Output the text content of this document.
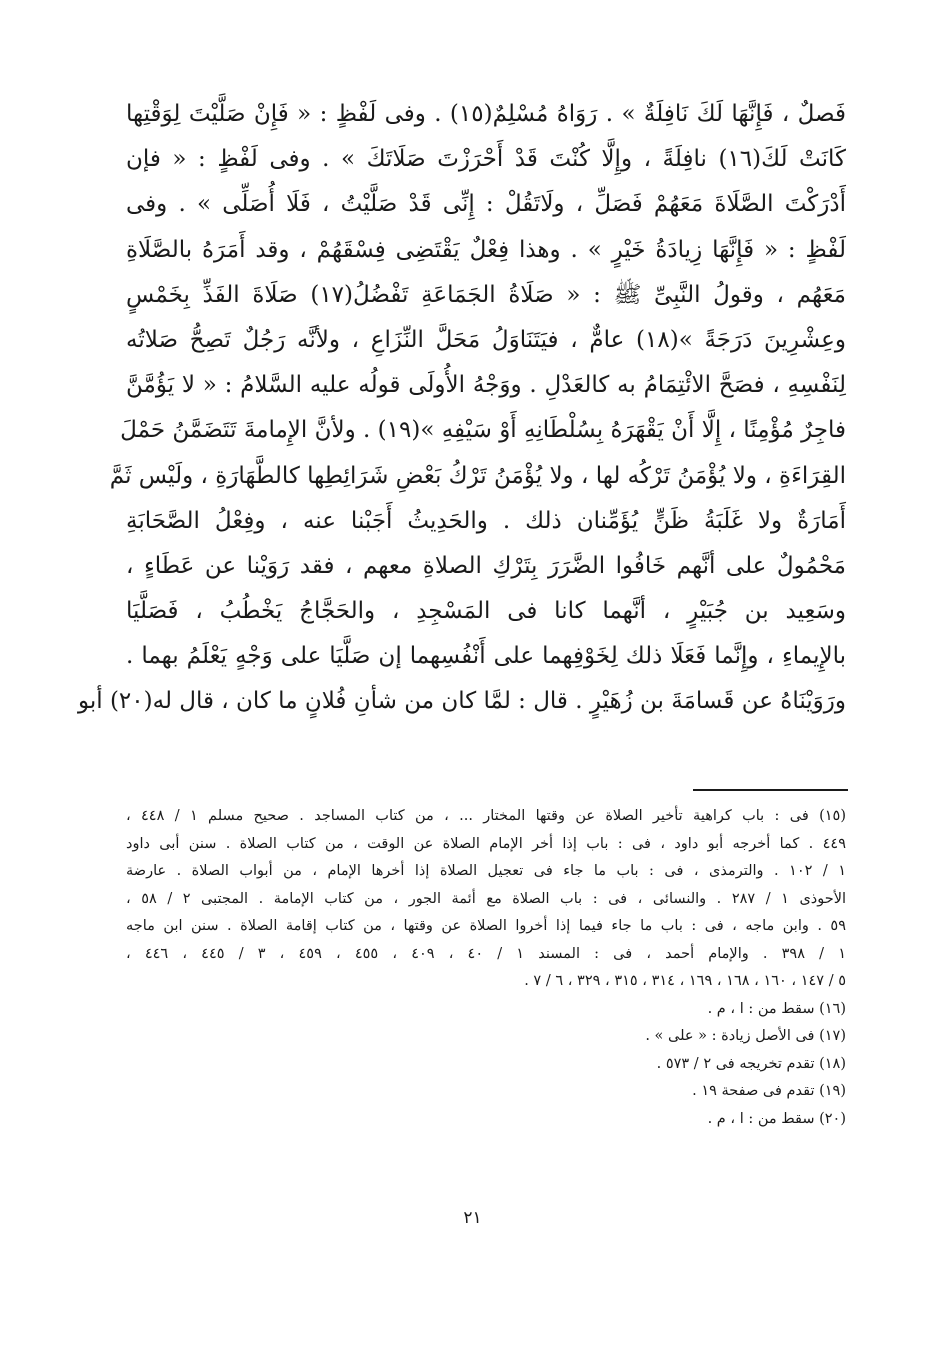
فَصلٌ ، فَإِنَّهَا لَكَ نَافِلَةٌ » . رَوَاهُ مُسْلِمٌ(١٥) . وفى لَفْظٍ : « فَإِنْ صَلَّيْتَ لِوَقْتِها

كَانَتْ لَكَ(١٦) نافِلَةً ، وإِلَّا كُنْتَ قَدْ أَحْرَزْتَ صَلَاتَكَ » . وفى لَفْظٍ : « فإن

أَدْرَكْتَ الصَّلَاةَ مَعَهُمْ فَصَلِّ ، ولَاتَقُلْ : إِنِّى قَدْ صَلَّيْتُ ، فَلَا أُصَلِّى » . وفى

لَفْظٍ : « فَإِنَّهَا زِيادَةُ خَيْرٍ » . وهذا فِعْلٌ يَقْتَضِى فِسْقَهُمْ ، وقد أَمَرَهُ بالصَّلَاةِ

مَعَهُم ، وقولُ النَّبِىِّ ﷺ : « صَلَاةُ الجَمَاعَةِ تَفْضُلُ(١٧) صَلَاةَ الفَذِّ بِخَمْسٍ

وعِشْرِينَ دَرَجَةً »(١٨) عامٌّ ، فيَتَنَاوَلُ مَحَلَّ النِّزَاعِ ، ولأنَّه رَجُلٌ تَصِحُّ صَلاتُه

لِنَفْسِهِ ، فصَحَّ الائْتِمَامُ به كالعَدْلِ . ووَجْهُ الأُولَى قولُه عليه السَّلامُ : « لا يَؤُمَّنَّ

فاجِرٌ مُؤْمِنًا ، إِلَّا أَنْ يَقْهَرَهُ بِسُلْطَانِهِ أَوْ سَيْفِهِ »(١٩) . ولأنَّ الإِمامةَ تَتَضَمَّنُ حَمْلَ

القِرَاءَةِ ، ولا يُؤْمَنُ تَرْكُه لها ، ولا يُؤْمَنُ تَرْكُ بَعْضِ شَرَائِطِها كالطَّهَارَةِ ، ولَيْس ثَمَّ

أَمَارَةٌ ولا غَلَبَةُ ظَنٍّ يُؤَمِّنان ذلك . والحَدِيثُ أَجَبْنا عنه ، وفِعْلُ الصَّحَابَةِ

مَحْمُولٌ على أنَّهم خَافُوا الضَّرَرَ بِتَرْكِ الصلاةِ معهم ، فقد رَوَيْنا عن عَطَاءٍ ،

وسَعِيد بن جُبَيْرٍ ، أنَّهما كانا فى المَسْجِدِ ، والحَجَّاجُ يَخْطُبُ ، فَصَلَّيَا

بالإِيماءِ ، وإِنَّما فَعَلَا ذلك لِخَوْفِهما على أَنْفُسِهما إن صَلَّيَا على وَجْهٍ يَعْلَمُ بهما .

ورَوَيْنَاهُ عن قَسامَةَ بن زُهَيْرٍ . قال : لمَّا كان من شأنِ فُلانٍ ما كان ، قال له(٢٠) أبو

(١٥) فى : باب كراهية تأخير الصلاة عن وقتها المختار ... ، من كتاب المساجد . صحيح مسلم ١ / ٤٤٨ ،
٤٤٩ . كما أخرجه أبو داود ، فى : باب إذا أخر الإمام الصلاة عن الوقت ، من كتاب الصلاة . سنن أبى داود
١ / ١٠٢ . والترمذى ، فى : باب ما جاء فى تعجيل الصلاة إذا أخرها الإمام ، من أبواب الصلاة . عارضة
الأحوذى ١ / ٢٨٧ . والنسائى ، فى : باب الصلاة مع أئمة الجور ، من كتاب الإمامة . المجتبى ٢ / ٥٨ ،
٥٩ . وابن ماجه ، فى : باب ما جاء فيما إذا أخروا الصلاة عن وقتها ، من كتاب إقامة الصلاة . سنن ابن ماجه
١ / ٣٩٨ . والإمام أحمد ، فى : المسند ١ / ٤٠ ، ٤٠٩ ، ٤٥٥ ، ٤٥٩ ، ٣ / ٤٤٥ ، ٤٤٦ ،
٥ / ١٤٧ ، ١٦٠ ، ١٦٨ ، ١٦٩ ، ٣١٤ ، ٣١٥ ، ٣٢٩ ، ٦ / ٧ .
(١٦) سقط من : ا ، م .
(١٧) فى الأصل زيادة : « على » .
(١٨) تقدم تخريجه فى ٢ / ٥٧٣ .
(١٩) تقدم فى صفحة ١٩ .
(٢٠) سقط من : ا ، م .
٢١
